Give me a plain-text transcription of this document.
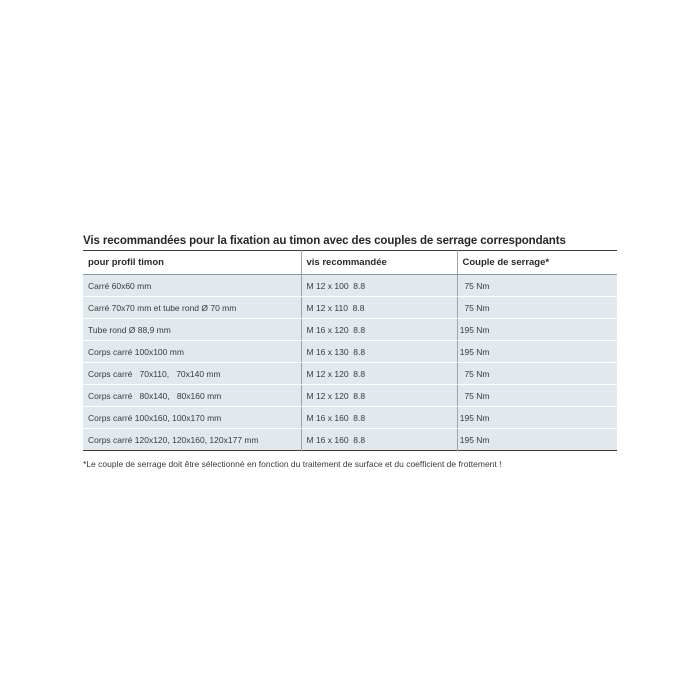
Vis recommandées pour la fixation au timon avec des couples de serrage correspondants
pour profil timon	vis recommandée	Couple de serrage*
Carré 60x60 mm	M 12 x 100  8.8	75 Nm
Carré 70x70 mm et tube rond Ø 70 mm	M 12 x 110  8.8	75 Nm
Tube rond Ø 88,9 mm	M 16 x 120  8.8	195 Nm
Corps carré 100x100 mm	M 16 x 130  8.8	195 Nm
Corps carré   70x110,   70x140 mm	M 12 x 120  8.8	75 Nm
Corps carré   80x140,   80x160 mm	M 12 x 120  8.8	75 Nm
Corps carré 100x160, 100x170 mm	M 16 x 160  8.8	195 Nm
Corps carré 120x120, 120x160, 120x177 mm	M 16 x 160  8.8	195 Nm
*Le couple de serrage doit être sélectionné en fonction du traitement de surface et du coefficient de frottement !
